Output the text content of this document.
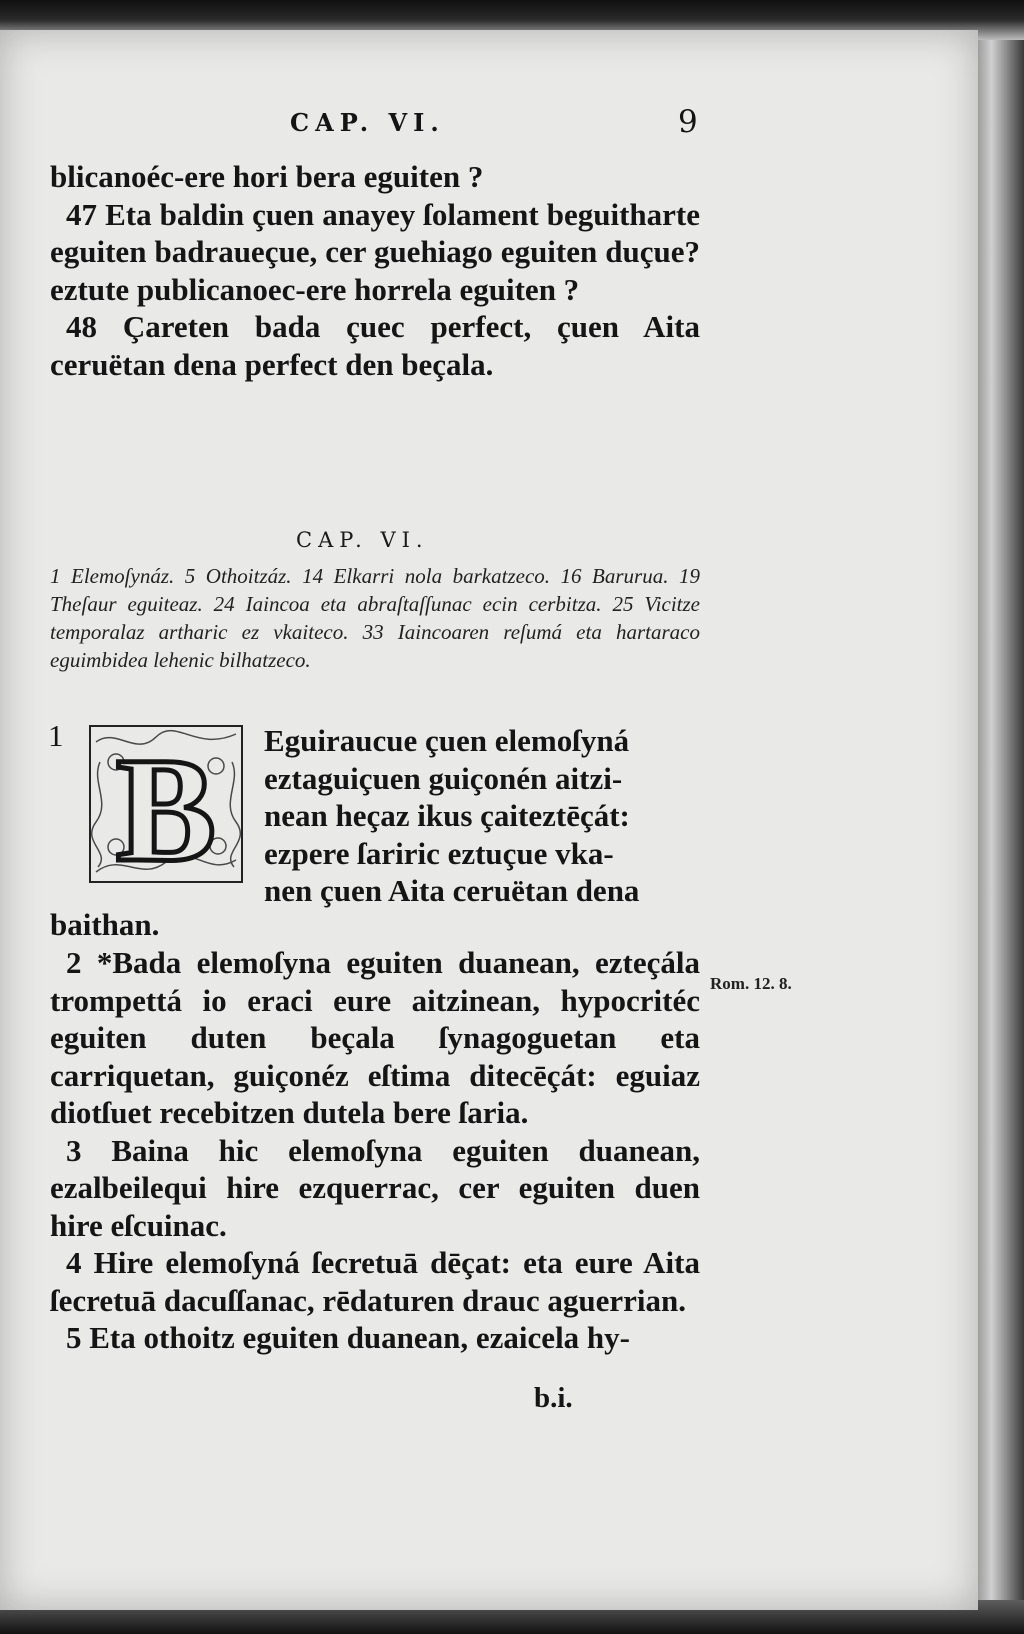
CAP. VI.	9

blicanoéc-ere hori bera eguiten ?

47 Eta baldin çuen anayey ſolament beguitharte eguiten badraueçue, cer guehiago eguiten duçue? eztute publicanoec-ere horrela eguiten ?

48 Çareten bada çuec perfect, çuen Aita ceruëtan dena perfect den beçala.

CAP. VI.
1 Elemoſynáz. 5 Othoitzáz. 14 Elkarri nola barkatzeco. 16 Barurua. 19 Theſaur eguiteaz. 24 Iaincoa eta abraſtaſſunac ecin cerbitza. 25 Vicitze temporalaz artharic ez vkaiteco. 33 Iaincoaren reſumá eta hartaraco eguimbidea lehenic bilhatzeco.
1 B Eguiraucue çuen elemoſyná
eztaguiçuen guiçonén aitzi-
nean heçaz ikus çaiteztēçát:
ezpere ſariric eztuçue vka-
nen çuen Aita ceruëtan dena

baithan.

2 *Bada elemoſyna eguiten duanean, ezteçála trompettá io eraci eure aitzinean, hypocritéc eguiten duten beçala ſynagoguetan eta carriquetan, guiçonéz eſtima ditecēçát: eguiaz diotſuet recebitzen dutela bere ſaria.

3 Baina hic elemoſyna eguiten duanean, ezalbeilequi hire ezquerrac, cer eguiten duen hire eſcuinac.

4 Hire elemoſyná ſecretuā dēçat: eta eure Aita ſecretuā dacuſſanac, rēdaturen drauc aguerrian.

5 Eta othoitz eguiten duanean, ezaicela hy-

Rom. 12. 8.
b.i.
